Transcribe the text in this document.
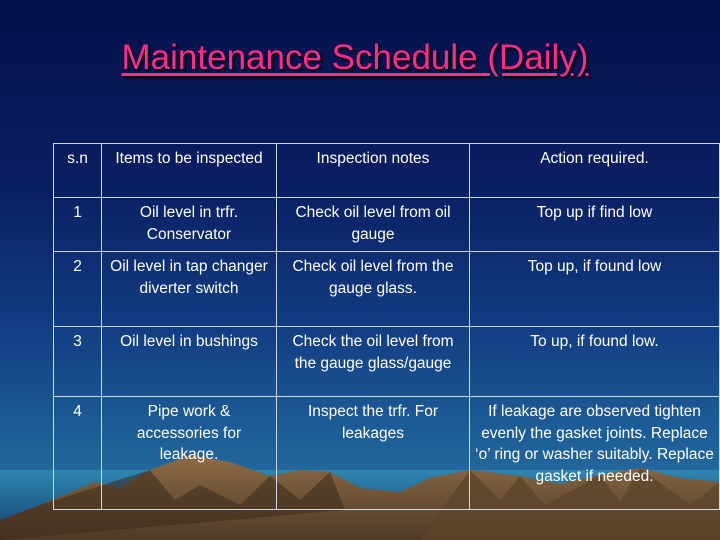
Maintenance Schedule (Daily)
s.n	Items to be inspected	Inspection notes	Action required.
1	Oil level in trfr. Conservator	Check oil level from oil gauge	Top up if find low
2	Oil level in tap changer diverter switch	Check oil level from the gauge glass.	Top up, if found low
3	Oil level in bushings	Check the oil level from the gauge glass/gauge	To up, if found low.
4	Pipe work & accessories for leakage.	Inspect the trfr. For leakages	If leakage are observed tighten evenly the gasket joints. Replace ‘o’ ring or washer suitably. Replace gasket if needed.
